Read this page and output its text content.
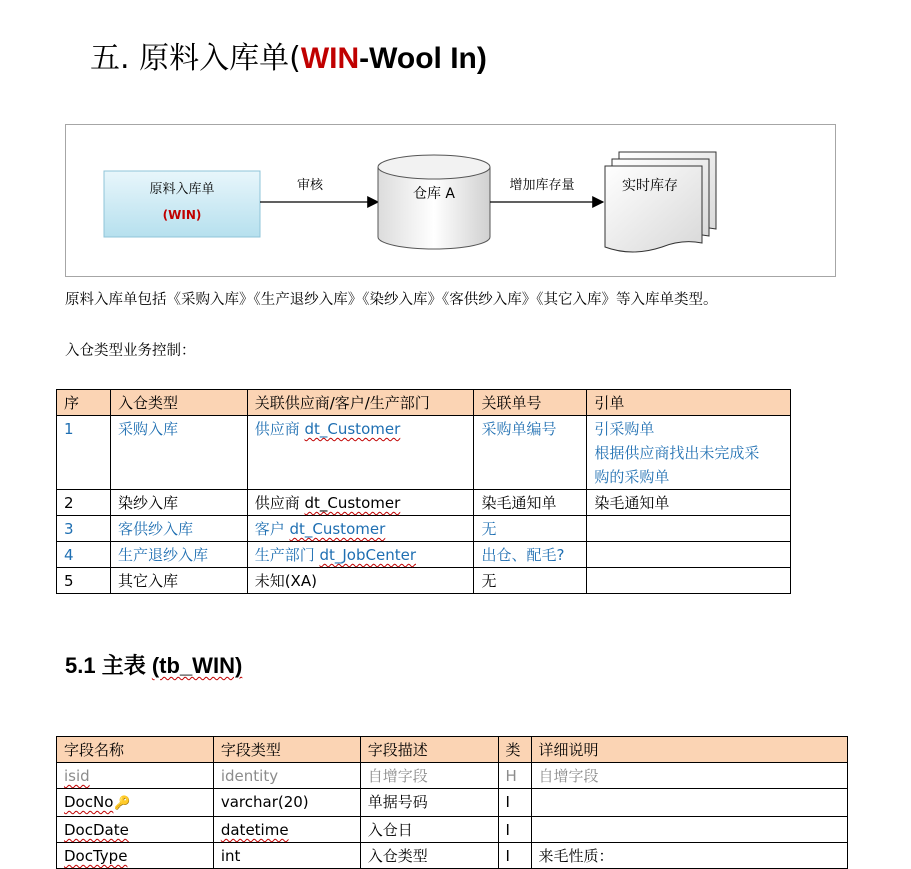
五. 原料入库单(WIN-Wool In)
原料入库单
(WIN)
审核
仓库 A
增加库存量	实时库存
原料入库单包括《采购入库》《生产退纱入库》《染纱入库》《客供纱入库》《其它入库》等入库单类型。
入仓类型业务控制：
序	入仓类型	关联供应商/客户/生产部门	关联单号	引单
1	采购入库	供应商 dt_Customer	采购单编号	引采购单
根据供应商找出未完成采
购的采购单

2	染纱入库	供应商 dt_Customer	染毛通知单	染毛通知单
3	客供纱入库	客户 dt_Customer	无	
4	生产退纱入库	生产部门 dt_JobCenter	出仓、配毛?	
5	其它入库	未知(XA)	无	
5.1 主表 (tb_WIN)
字段名称	字段类型	字段描述	类	详细说明
isid	identity	自增字段	H	自增字段
DocNo🔑	varchar(20)	单据号码	I	
DocDate	datetime	入仓日	I	
DocType	int	入仓类型	I	来毛性质：
